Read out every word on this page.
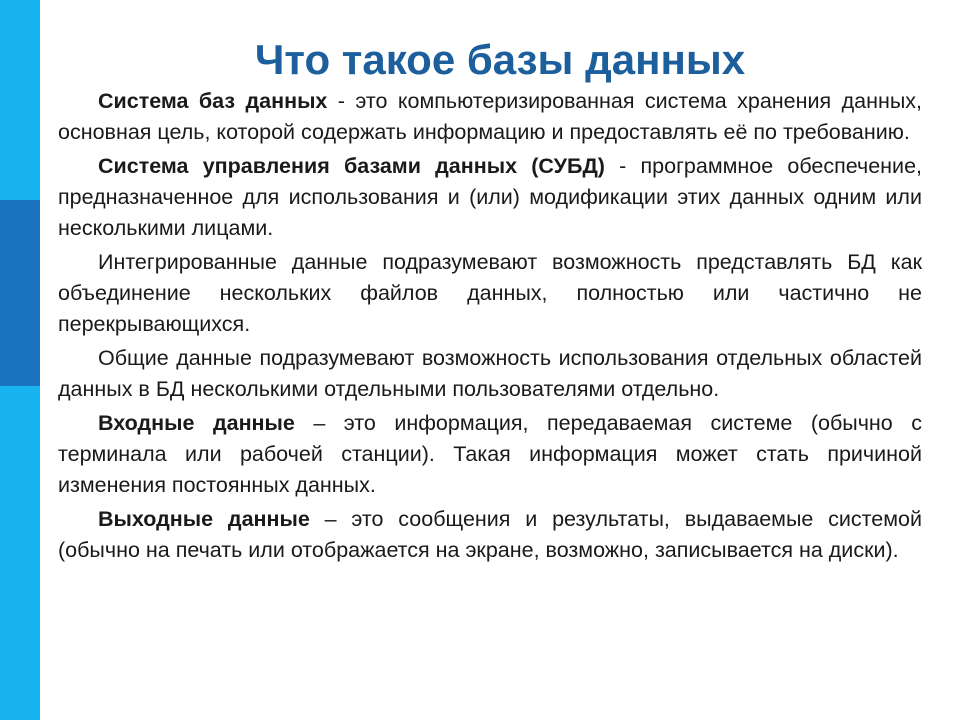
Что такое базы данных

Система баз данных - это компьютеризированная система хранения данных, основная цель, которой содержать информацию и предоставлять её по требованию.

Система управления базами данных (СУБД) - программное обеспечение, предназначенное для использования и (или) модификации этих данных одним или несколькими лицами.

Интегрированные данные подразумевают возможность представлять БД как объединение нескольких файлов данных, полностью или частично не перекрывающихся.

Общие данные подразумевают возможность использования отдельных областей данных в БД несколькими отдельными пользователями отдельно.

Входные данные – это информация, передаваемая системе (обычно с терминала или рабочей станции). Такая информация может стать причиной изменения постоянных данных.

Выходные данные – это сообщения и результаты, выдаваемые системой (обычно на печать или отображается на экране, возможно, записывается на диски).
